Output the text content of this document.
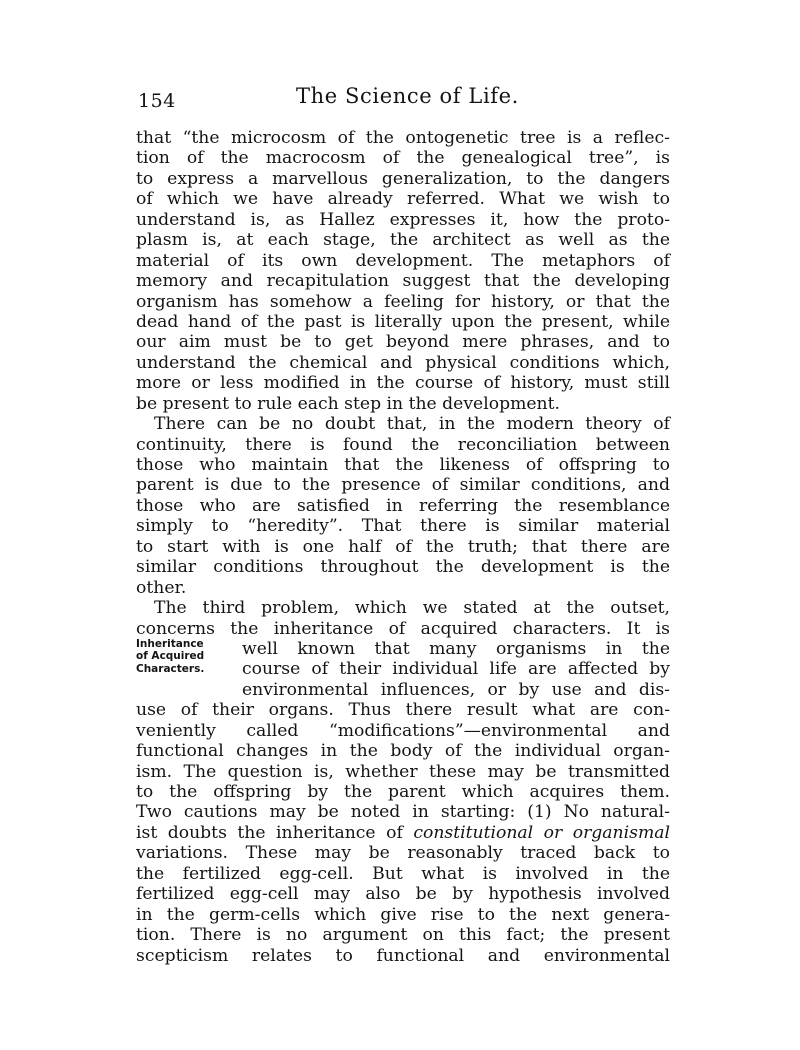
154	The Science of Life.
Inheritance
of Acquired
Characters.
that “the microcosm of the ontogenetic tree is a reflec-
tion of the macrocosm of the genealogical tree”, is
to express a marvellous generalization, to the dangers
of which we have already referred. What we wish to
understand is, as Hallez expresses it, how the proto-
plasm is, at each stage, the architect as well as the
material of its own development. The metaphors of
memory and recapitulation suggest that the developing
organism has somehow a feeling for history, or that the
dead hand of the past is literally upon the present, while
our aim must be to get beyond mere phrases, and to
understand the chemical and physical conditions which,
more or less modified in the course of history, must still
be present to rule each step in the development.
There can be no doubt that, in the modern theory of
continuity, there is found the reconciliation between
those who maintain that the likeness of offspring to
parent is due to the presence of similar conditions, and
those who are satisfied in referring the resemblance
simply to “heredity”. That there is similar material
to start with is one half of the truth; that there are
similar conditions throughout the development is the
other.
The third problem, which we stated at the outset,
concerns the inheritance of acquired characters. It is
well known that many organisms in the
course of their individual life are affected by
environmental influences, or by use and dis-
use of their organs. Thus there result what are con-
veniently called “modifications”—environmental and
functional changes in the body of the individual organ-
ism. The question is, whether these may be transmitted
to the offspring by the parent which acquires them.
Two cautions may be noted in starting: (1) No natural-
ist doubts the inheritance of constitutional or organismal
variations. These may be reasonably traced back to
the fertilized egg-cell. But what is involved in the
fertilized egg-cell may also be by hypothesis involved
in the germ-cells which give rise to the next genera-
tion. There is no argument on this fact; the present
scepticism relates to functional and environmental
